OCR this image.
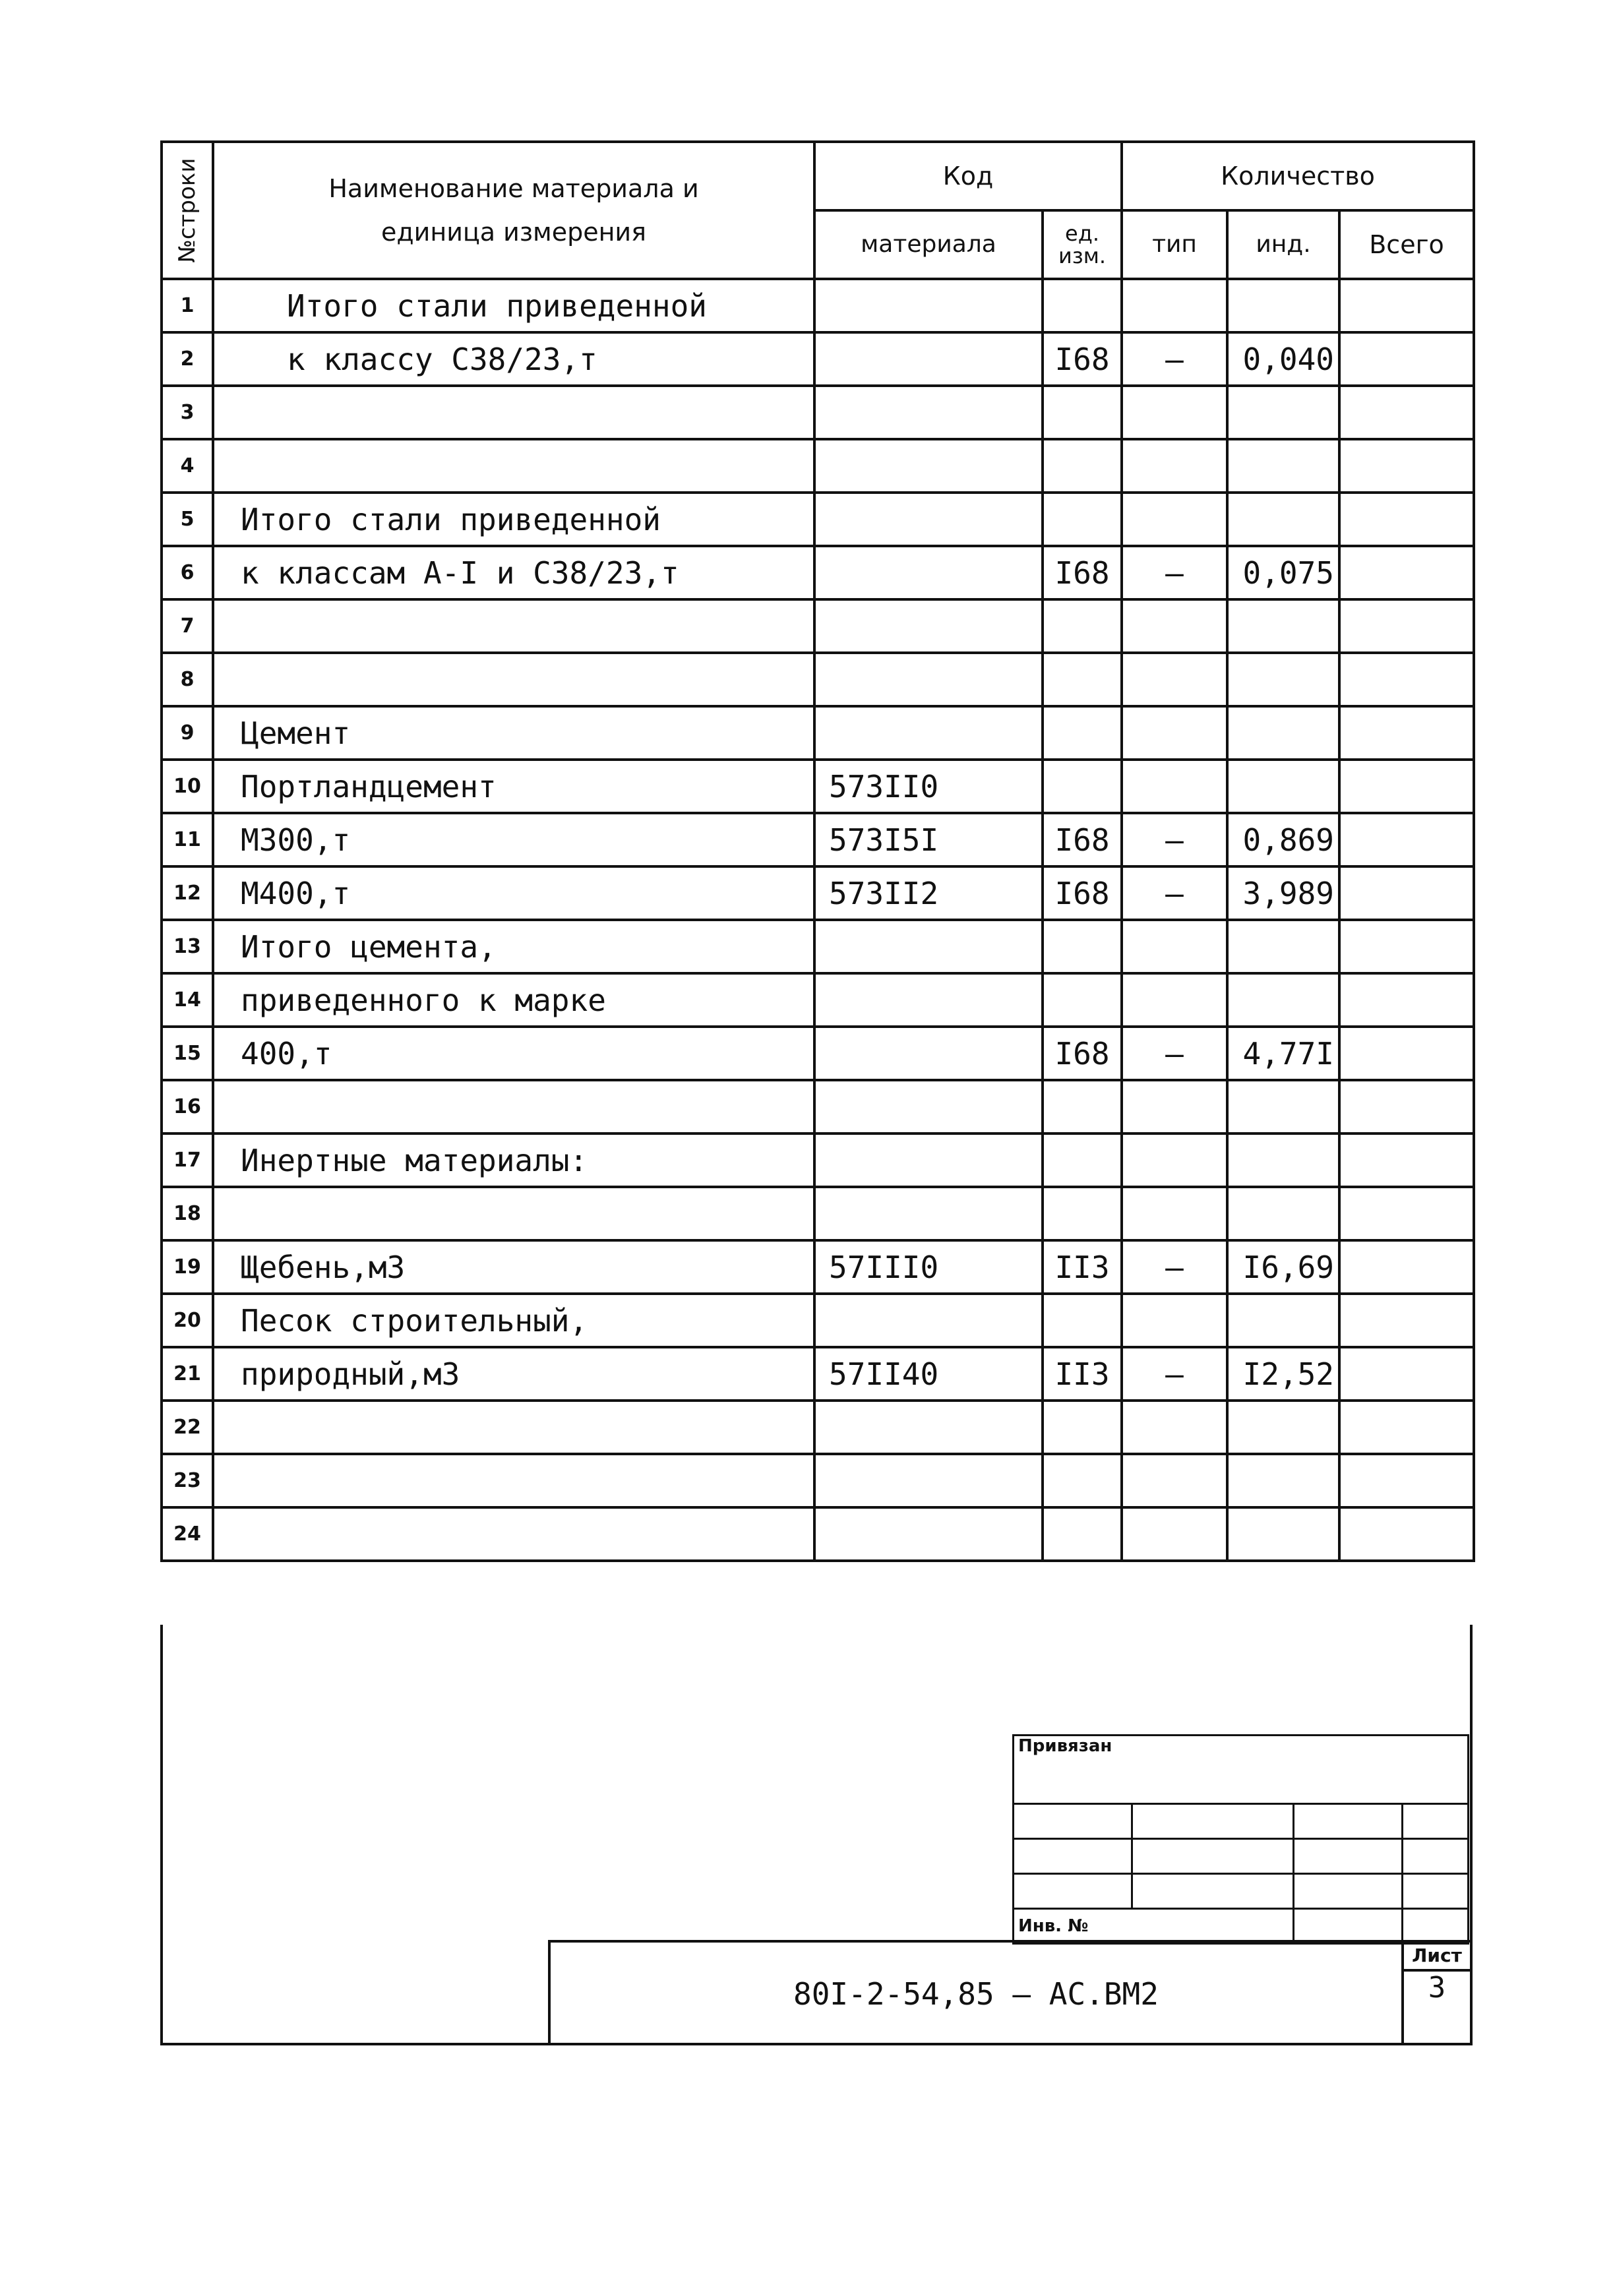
№строки	Наименование материала и единица измерения	Код		Количество		
		материала	ед. изм.	тип	инд.	Всего
1	Итого стали приведенной					
2	к классу С38/23,т		I68	–	0,040	
3						
4						
5	Итого стали приведенной					
6	к классам A-I и С38/23,т		I68	–	0,075	
7						
8						
9	Цемент					
10	Портландцемент	573II0				
11	М300,т	573I5I	I68	–	0,869	
12	М400,т	573II2	I68	–	3,989	
13	Итого цемента,					
14	приведенного к марке					
15	400,т		I68	–	4,77I	
16						
17	Инертные материалы:					
18						
19	Щебень,м3	57III0	II3	–	I6,69	
20	Песок строительный,					
21	природный,м3	57II40	II3	–	I2,52	
22						
23						
24						
Привязан			

Инв. №			
80I-2-54,85 – АС.ВМ2
Лист
3
